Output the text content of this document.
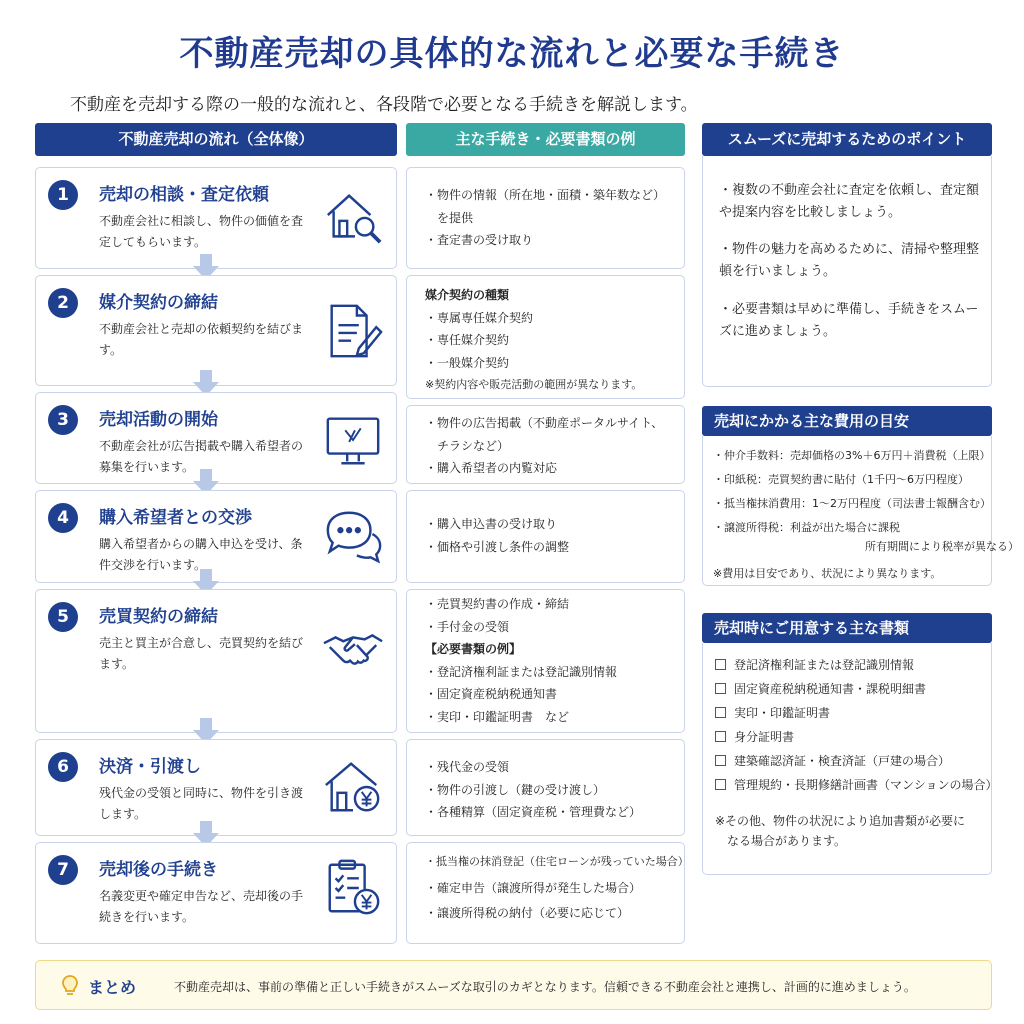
不動産売却の具体的な流れと必要な手続き
不動産を売却する際の一般的な流れと、各段階で必要となる手続きを解説します。
不動産売却の流れ（全体像）	主な手続き・必要書類の例	スムーズに売却するためのポイント
1	売却の相談・査定依頼
不動産会社に相談し、物件の価値を査定してもらいます。
2	媒介契約の締結
不動産会社と売却の依頼契約を結びます。
3	売却活動の開始
不動産会社が広告掲載や購入希望者の募集を行います。
4	購入希望者との交渉
購入希望者からの購入申込を受け、条件交渉を行います。
5	売買契約の締結
売主と買主が合意し、売買契約を結びます。
6	決済・引渡し
残代金の受領と同時に、物件を引き渡します。
7	売却後の手続き
名義変更や確定申告など、売却後の手続きを行います。
・物件の情報（所在地・面積・築年数など）
　を提供
・査定書の受け取り
媒介契約の種類
・専属専任媒介契約
・専任媒介契約
・一般媒介契約
※契約内容や販売活動の範囲が異なります。
・物件の広告掲載（不動産ポータルサイト、
　チラシなど）
・購入希望者の内覧対応
・購入申込書の受け取り
・価格や引渡し条件の調整
・売買契約書の作成・締結
・手付金の受領
【必要書類の例】
・登記済権利証または登記識別情報
・固定資産税納税通知書
・実印・印鑑証明書　など
・残代金の受領
・物件の引渡し（鍵の受け渡し）
・各種精算（固定資産税・管理費など）
・抵当権の抹消登記（住宅ローンが残っていた場合）
・確定申告（譲渡所得が発生した場合）
・譲渡所得税の納付（必要に応じて）
・複数の不動産会社に査定を依頼し、査定額や提案内容を比較しましょう。
・物件の魅力を高めるために、清掃や整理整頓を行いましょう。
・必要書類は早めに準備し、手続きをスムーズに進めましょう。
売却にかかる主な費用の目安
・仲介手数料：売却価格の3%＋6万円＋消費税（上限）
・印紙税：売買契約書に貼付（1千円〜6万円程度）
・抵当権抹消費用：1〜2万円程度（司法書士報酬含む）
・譲渡所得税：利益が出た場合に課税
　　　　　　所有期間により税率が異なる）
※費用は目安であり、状況により異なります。
売却時にご用意する主な書類
登記済権利証または登記識別情報
固定資産税納税通知書・課税明細書
実印・印鑑証明書
身分証明書
建築確認済証・検査済証（戸建の場合）
管理規約・長期修繕計画書（マンションの場合）
※その他、物件の状況により追加書類が必要に
　なる場合があります。
まとめ	不動産売却は、事前の準備と正しい手続きがスムーズな取引のカギとなります。信頼できる不動産会社と連携し、計画的に進めましょう。
